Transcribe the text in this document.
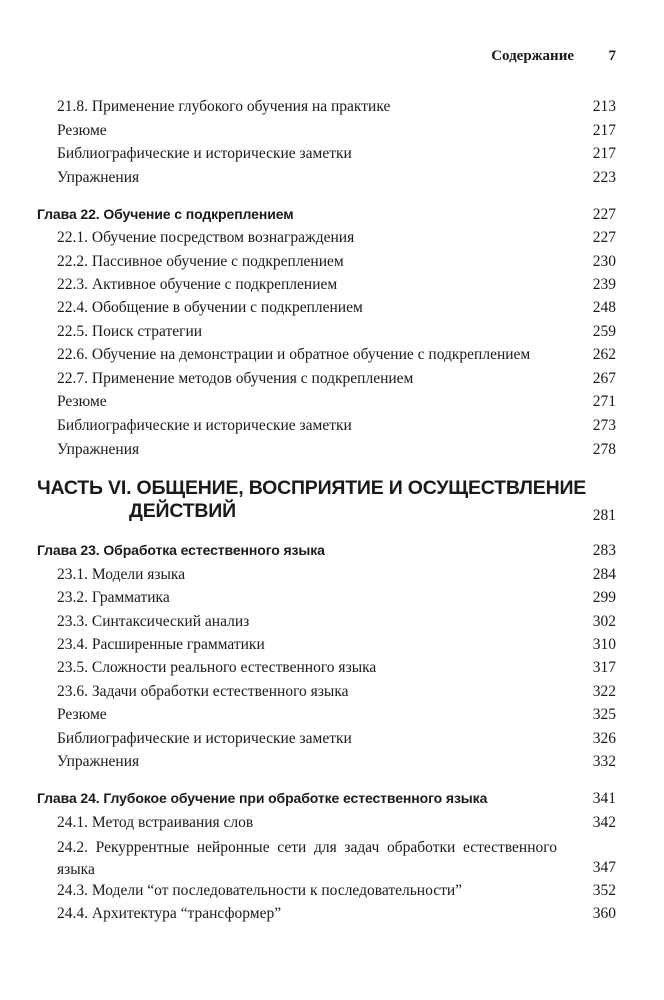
Содержание 7
21.8. Применение глубокого обучения на практике	213
Резюме	217
Библиографические и исторические заметки	217
Упражнения	223
Глава 22. Обучение с подкреплением	227
22.1. Обучение посредством вознаграждения	227
22.2. Пассивное обучение с подкреплением	230
22.3. Активное обучение с подкреплением	239
22.4. Обобщение в обучении с подкреплением	248
22.5. Поиск стратегии	259
22.6. Обучение на демонстрации и обратное обучение с подкреплением	262
22.7. Применение методов обучения с подкреплением	267
Резюме	271
Библиографические и исторические заметки	273
Упражнения	278
ЧАСТЬ VI. ОБЩЕНИЕ, ВОСПРИЯТИЕ И ОСУЩЕСТВЛЕНИЕ
ДЕЙСТВИЙ	281
Глава 23. Обработка естественного языка	283
23.1. Модели языка	284
23.2. Грамматика	299
23.3. Синтаксический анализ	302
23.4. Расширенные грамматики	310
23.5. Сложности реального естественного языка	317
23.6. Задачи обработки естественного языка	322
Резюме	325
Библиографические и исторические заметки	326
Упражнения	332
Глава 24. Глубокое обучение при обработке естественного языка	341
24.1. Метод встраивания слов	342
24.2. Рекуррентные нейронные сети для задач обработки естественного языка	347
24.3. Модели “от последовательности к последовательности”	352
24.4. Архитектура “трансформер”	360
